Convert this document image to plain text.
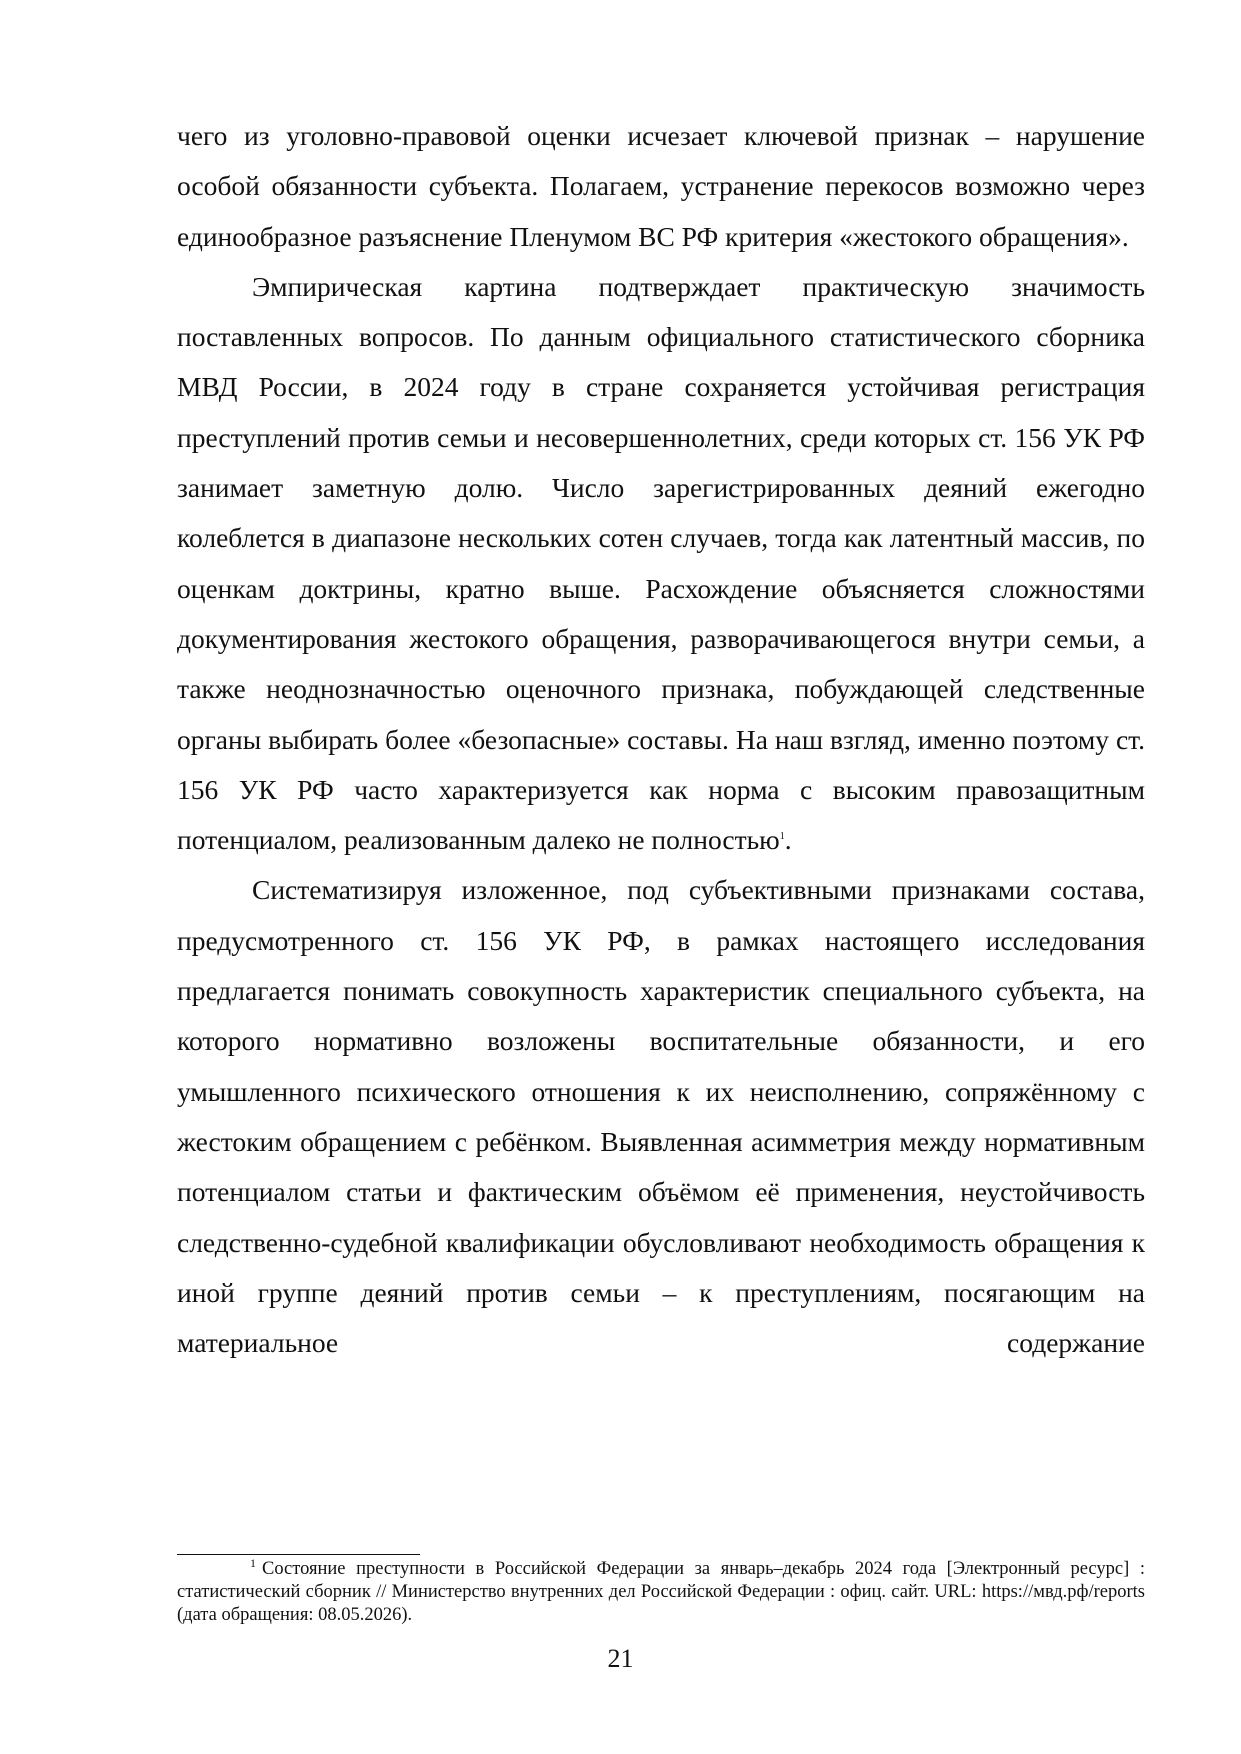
чего из уголовно-правовой оценки исчезает ключевой признак – нарушение особой обязанности субъекта. Полагаем, устранение перекосов возможно через единообразное разъяснение Пленумом ВС РФ критерия «жестокого обращения».

Эмпирическая картина подтверждает практическую значимость поставленных вопросов. По данным официального статистического сборника МВД России, в 2024 году в стране сохраняется устойчивая регистрация преступлений против семьи и несовершеннолетних, среди которых ст. 156 УК РФ занимает заметную долю. Число зарегистрированных деяний ежегодно колеблется в диапазоне нескольких сотен случаев, тогда как латентный массив, по оценкам доктрины, кратно выше. Расхождение объясняется сложностями документирования жестокого обращения, разворачивающегося внутри семьи, а также неоднозначностью оценочного признака, побуждающей следственные органы выбирать более «безопасные» составы. На наш взгляд, именно поэтому ст. 156 УК РФ часто характеризуется как норма с высоким правозащитным потенциалом, реализованным далеко не полностью$^1$.

Систематизируя изложенное, под субъективными признаками состава, предусмотренного ст. 156 УК РФ, в рамках настоящего исследования предлагается понимать совокупность характеристик специального субъекта, на которого нормативно возложены воспитательные обязанности, и его умышленного психического отношения к их неисполнению, сопряжённому с жестоким обращением с ребёнком. Выявленная асимметрия между нормативным потенциалом статьи и фактическим объёмом её применения, неустойчивость следственно-судебной квалификации обусловливают необходимость обращения к иной группе деяний против семьи – к преступлениям, посягающим на материальное содержание

1 Состояние преступности в Российской Федерации за январь–декабрь 2024 года [Электронный ресурс] : статистический сборник // Министерство внутренних дел Российской Федерации : офиц. сайт. URL: https://мвд.рф/reports (дата обращения: 08.05.2026).

21
